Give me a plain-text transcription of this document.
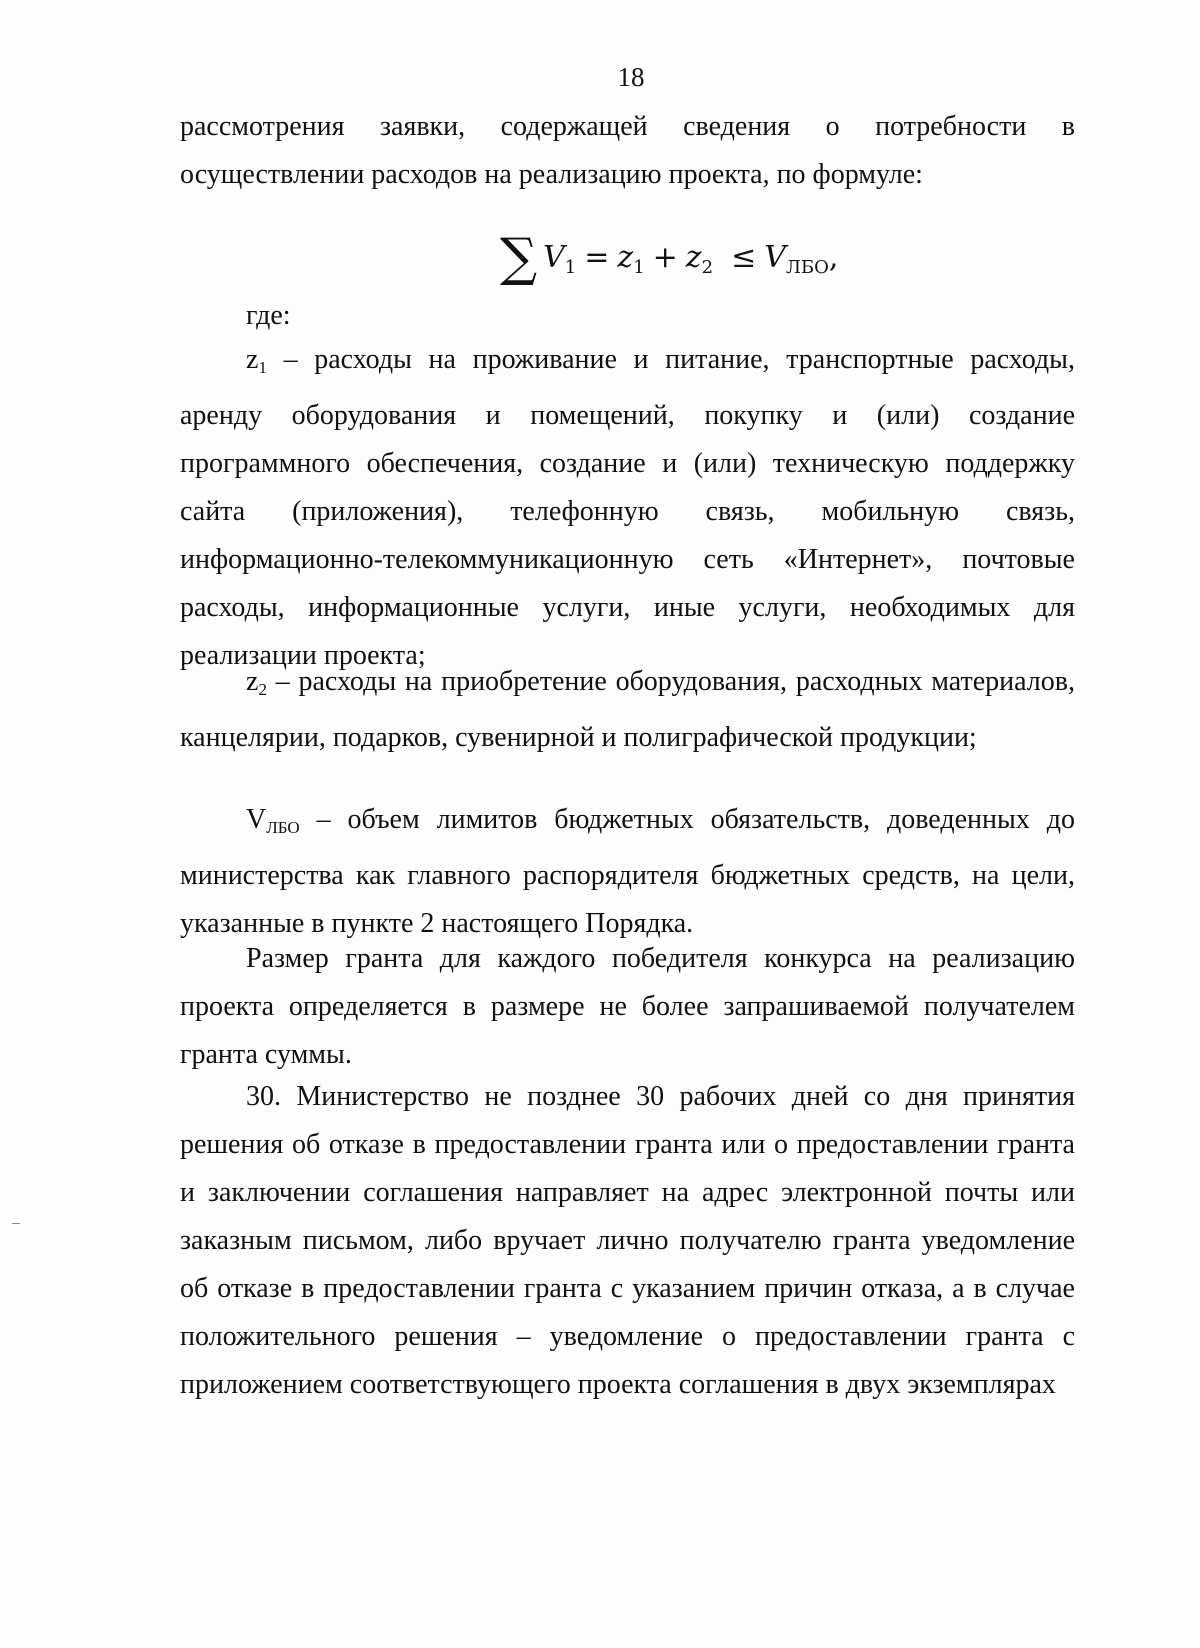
18
рассмотрения заявки, содержащей сведения о потребности в
осуществлении расходов на реализацию проекта, по формуле:
∑ $V_1 = z_1 + z_2 \le V_{ЛБО}$,
где:
$z_1$ – расходы на проживание и питание, транспортные расходы, аренду оборудования и помещений, покупку и (или) создание программного обеспечения, создание и (или) техническую поддержку сайта (приложения), телефонную связь, мобильную связь, информационно-телекоммуникационную сеть «Интернет», почтовые расходы, информационные услуги, иные услуги, необходимых для реализации проекта;
$z_2$ – расходы на приобретение оборудования, расходных материалов, канцелярии, подарков, сувенирной и полиграфической продукции;
$V_{ЛБО}$ – объем лимитов бюджетных обязательств, доведенных до министерства как главного распорядителя бюджетных средств, на цели, указанные в пункте 2 настоящего Порядка.
Размер гранта для каждого победителя конкурса на реализацию проекта определяется в размере не более запрашиваемой получателем гранта суммы.
30. Министерство не позднее 30 рабочих дней со дня принятия решения об отказе в предоставлении гранта или о предоставлении гранта и заключении соглашения направляет на адрес электронной почты или заказным письмом, либо вручает лично получателю гранта уведомление об отказе в предоставлении гранта с указанием причин отказа, а в случае положительного решения – уведомление о предоставлении гранта с приложением соответствующего проекта соглашения в двух экземплярах
